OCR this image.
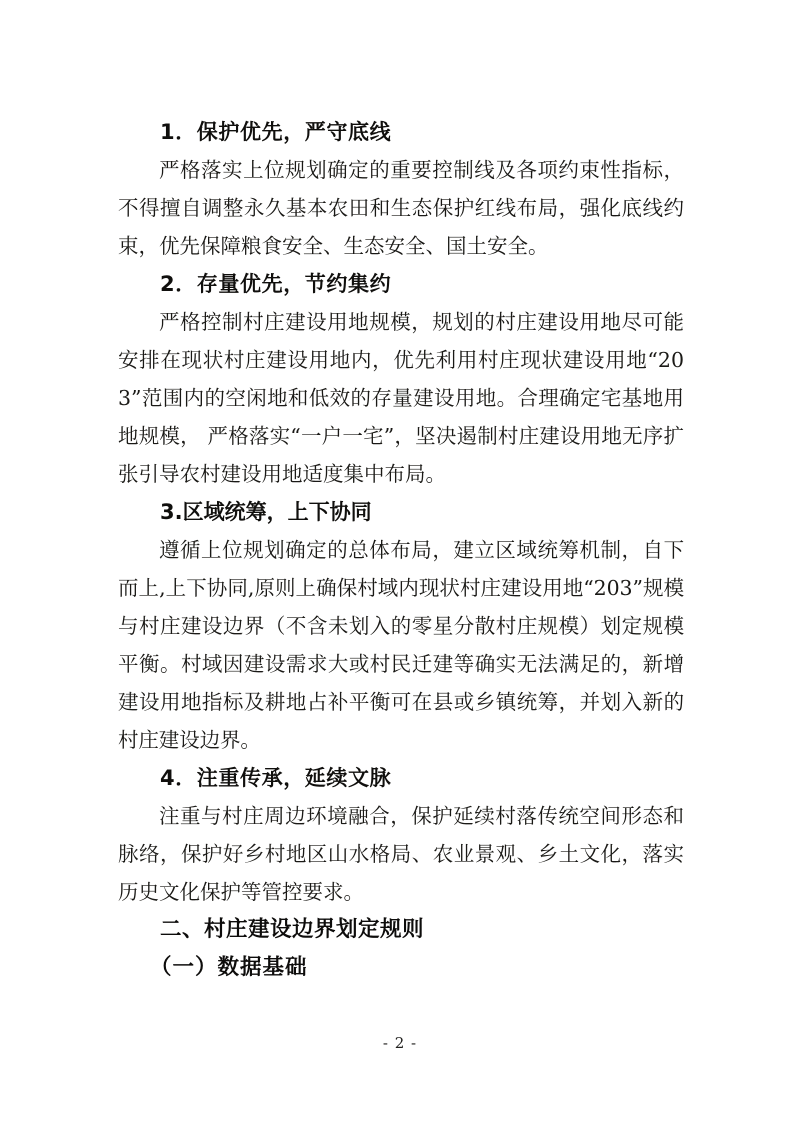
1．保护优先，严守底线

严格落实上位规划确定的重要控制线及各项约束性指标，不得擅自调整永久基本农田和生态保护红线布局，强化底线约束，优先保障粮食安全、生态安全、国土安全。

2．存量优先，节约集约

严格控制村庄建设用地规模，规划的村庄建设用地尽可能安排在现状村庄建设用地内，优先利用村庄现状建设用地“203”范围内的空闲地和低效的存量建设用地。合理确定宅基地用地规模， 严格落实“一户一宅”，坚决遏制村庄建设用地无序扩张引导农村建设用地适度集中布局。

3.区域统筹，上下协同

遵循上位规划确定的总体布局，建立区域统筹机制，自下而上,上下协同,原则上确保村域内现状村庄建设用地“203”规模与村庄建设边界（不含未划入的零星分散村庄规模）划定规模平衡。村域因建设需求大或村民迁建等确实无法满足的，新增建设用地指标及耕地占补平衡可在县或乡镇统筹，并划入新的村庄建设边界。

4．注重传承，延续文脉

注重与村庄周边环境融合，保护延续村落传统空间形态和脉络，保护好乡村地区山水格局、农业景观、乡土文化，落实历史文化保护等管控要求。

二、村庄建设边界划定规则
（一）数据基础
- 2 -
